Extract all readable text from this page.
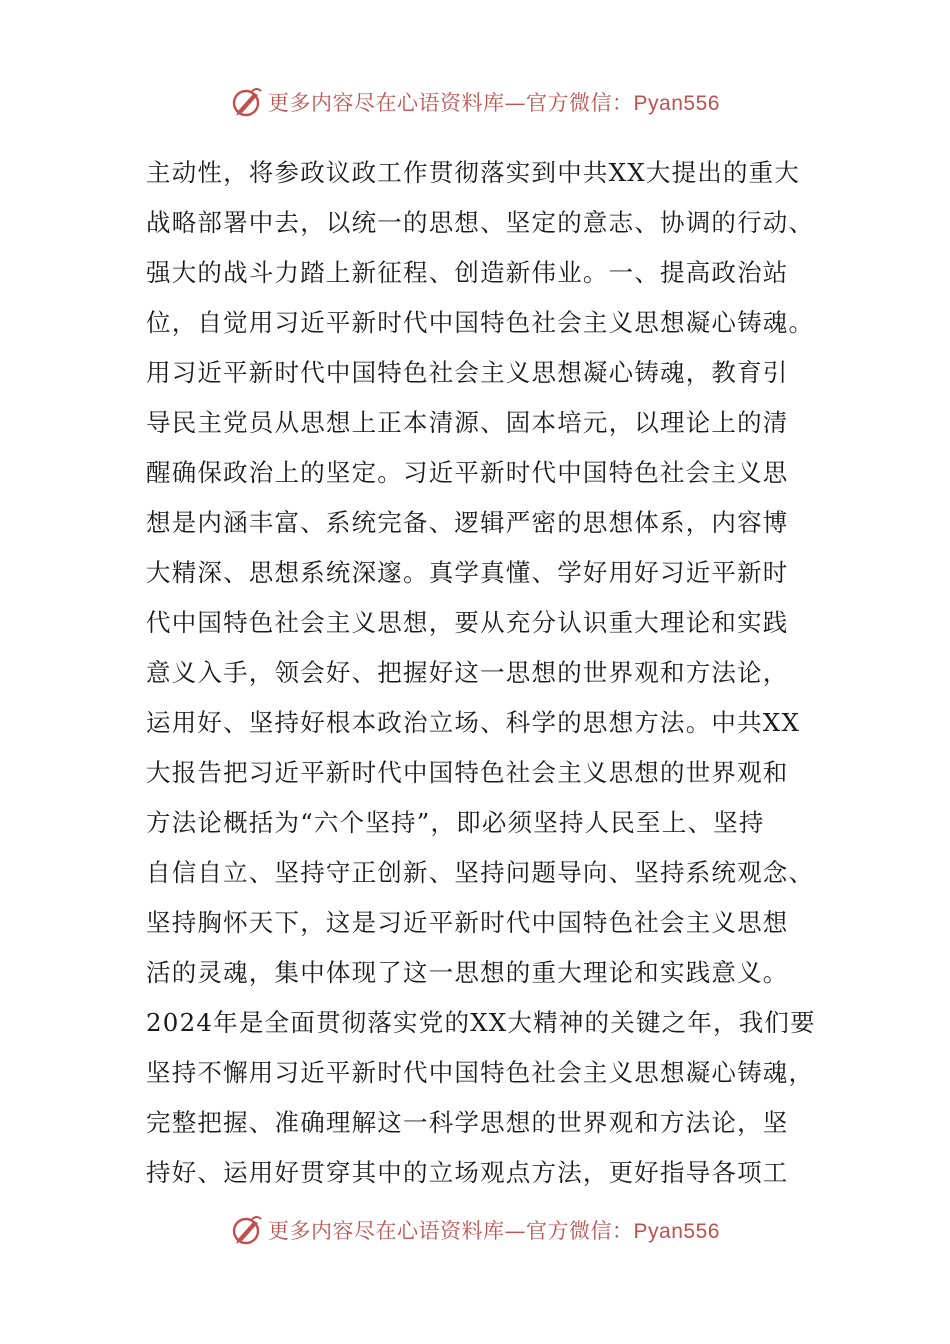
更多内容尽在心语资料库—官方微信：Pyan556
主动性，将参政议政工作贯彻落实到中共XX大提出的重大
战略部署中去，以统一的思想、坚定的意志、协调的行动、
强大的战斗力踏上新征程、创造新伟业。一、提高政治站
位，自觉用习近平新时代中国特色社会主义思想凝心铸魂。
用习近平新时代中国特色社会主义思想凝心铸魂，教育引
导民主党员从思想上正本清源、固本培元，以理论上的清
醒确保政治上的坚定。习近平新时代中国特色社会主义思
想是内涵丰富、系统完备、逻辑严密的思想体系，内容博
大精深、思想系统深邃。真学真懂、学好用好习近平新时
代中国特色社会主义思想，要从充分认识重大理论和实践
意义入手，领会好、把握好这一思想的世界观和方法论，
运用好、坚持好根本政治立场、科学的思想方法。中共XX
大报告把习近平新时代中国特色社会主义思想的世界观和
方法论概括为“六个坚持”，即必须坚持人民至上、坚持
自信自立、坚持守正创新、坚持问题导向、坚持系统观念、
坚持胸怀天下，这是习近平新时代中国特色社会主义思想
活的灵魂，集中体现了这一思想的重大理论和实践意义。
2024年是全面贯彻落实党的XX大精神的关键之年，我们要
坚持不懈用习近平新时代中国特色社会主义思想凝心铸魂，
完整把握、准确理解这一科学思想的世界观和方法论，坚
持好、运用好贯穿其中的立场观点方法，更好指导各项工
更多内容尽在心语资料库—官方微信：Pyan556
